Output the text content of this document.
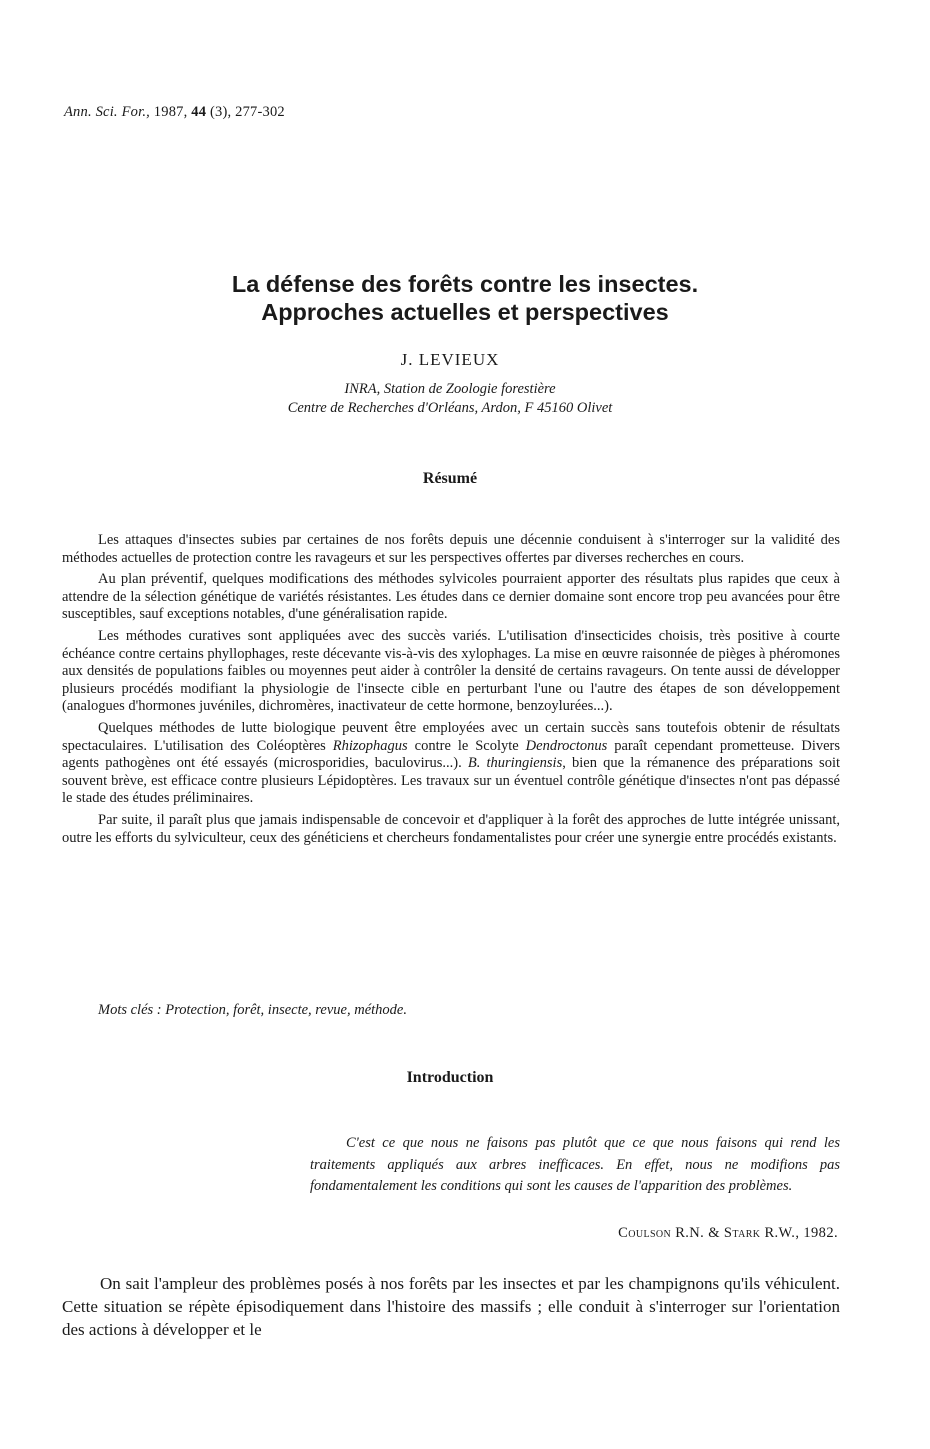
Ann. Sci. For., 1987, 44 (3), 277-302
La défense des forêts contre les insectes.
Approches actuelles et perspectives
J. LEVIEUX
INRA, Station de Zoologie forestière
Centre de Recherches d'Orléans, Ardon, F 45160 Olivet
Résumé

Les attaques d'insectes subies par certaines de nos forêts depuis une décennie conduisent à s'interroger sur la validité des méthodes actuelles de protection contre les ravageurs et sur les perspectives offertes par diverses recherches en cours.

Au plan préventif, quelques modifications des méthodes sylvicoles pourraient apporter des résultats plus rapides que ceux à attendre de la sélection génétique de variétés résistantes. Les études dans ce dernier domaine sont encore trop peu avancées pour être susceptibles, sauf exceptions notables, d'une généralisation rapide.

Les méthodes curatives sont appliquées avec des succès variés. L'utilisation d'insecticides choisis, très positive à courte échéance contre certains phyllophages, reste décevante vis-à-vis des xylophages. La mise en œuvre raisonnée de pièges à phéromones aux densités de populations faibles ou moyennes peut aider à contrôler la densité de certains ravageurs. On tente aussi de développer plusieurs procédés modifiant la physiologie de l'insecte cible en perturbant l'une ou l'autre des étapes de son développement (analogues d'hormones juvéniles, dichromères, inactivateur de cette hormone, benzoylurées...).

Quelques méthodes de lutte biologique peuvent être employées avec un certain succès sans toutefois obtenir de résultats spectaculaires. L'utilisation des Coléoptères Rhizophagus contre le Scolyte Dendroctonus paraît cependant prometteuse. Divers agents pathogènes ont été essayés (microsporidies, baculovirus...). B. thuringiensis, bien que la rémanence des préparations soit souvent brève, est efficace contre plusieurs Lépidoptères. Les travaux sur un éventuel contrôle génétique d'insectes n'ont pas dépassé le stade des études préliminaires.

Par suite, il paraît plus que jamais indispensable de concevoir et d'appliquer à la forêt des approches de lutte intégrée unissant, outre les efforts du sylviculteur, ceux des généticiens et chercheurs fondamentalistes pour créer une synergie entre procédés existants.

Mots clés : Protection, forêt, insecte, revue, méthode.
Introduction
C'est ce que nous ne faisons pas plutôt que ce que nous faisons qui rend les traitements appliqués aux arbres inefficaces. En effet, nous ne modifions pas fondamentalement les conditions qui sont les causes de l'apparition des problèmes.
Coulson R.N. & Stark R.W., 1982.
On sait l'ampleur des problèmes posés à nos forêts par les insectes et par les champignons qu'ils véhiculent. Cette situation se répète épisodiquement dans l'histoire des massifs ; elle conduit à s'interroger sur l'orientation des actions à développer et le
